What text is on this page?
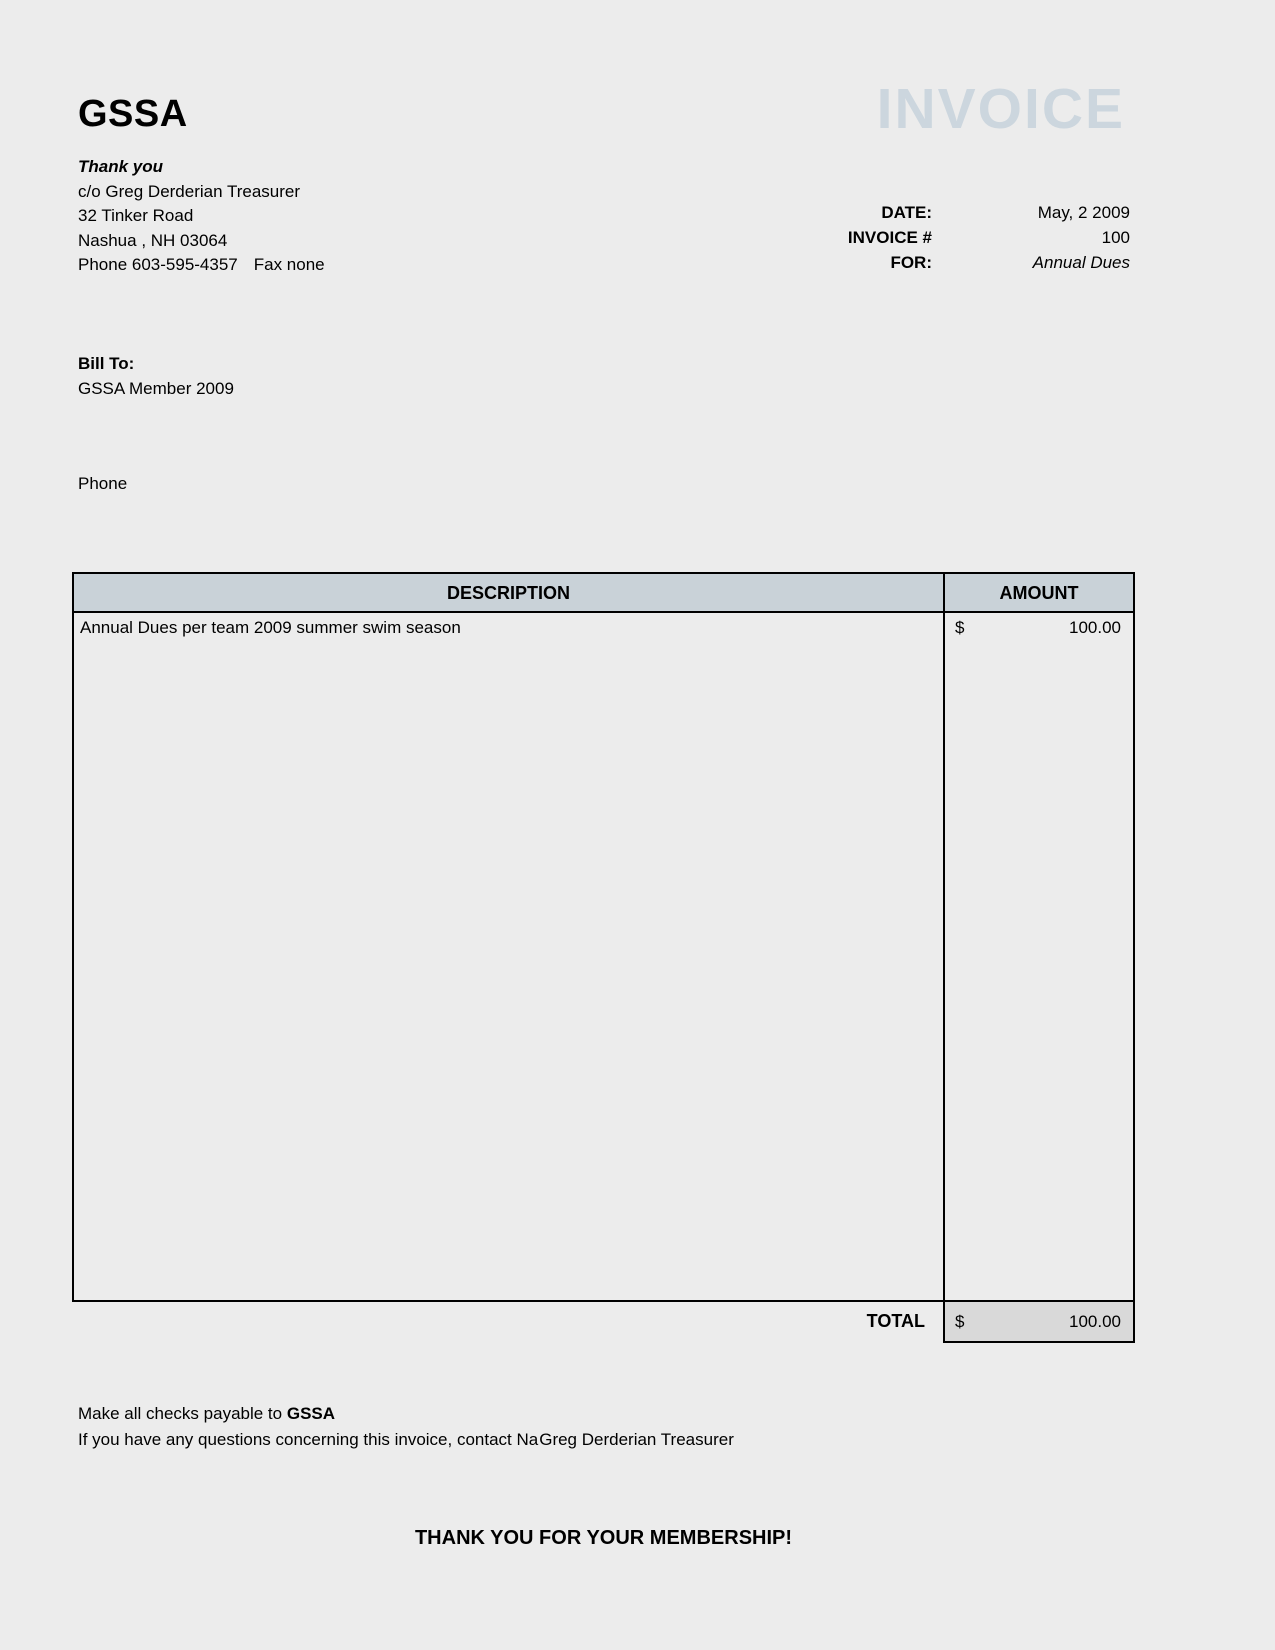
GSSA	INVOICE
Thank you
c/o Greg Derderian Treasurer
32 Tinker Road
Nashua , NH 03064
Phone 603-595-4357 Fax none
DATE:	May, 2 2009
INVOICE #	100
FOR:	Annual Dues
Bill To:
GSSA Member 2009
Phone
DESCRIPTION	AMOUNT
Annual Dues per team 2009 summer swim season	$	100.00
TOTAL	$	100.00
Make all checks payable to GSSA
If you have any questions concerning this invoice, contact NaGreg Derderian Treasurer
THANK YOU FOR YOUR MEMBERSHIP!
